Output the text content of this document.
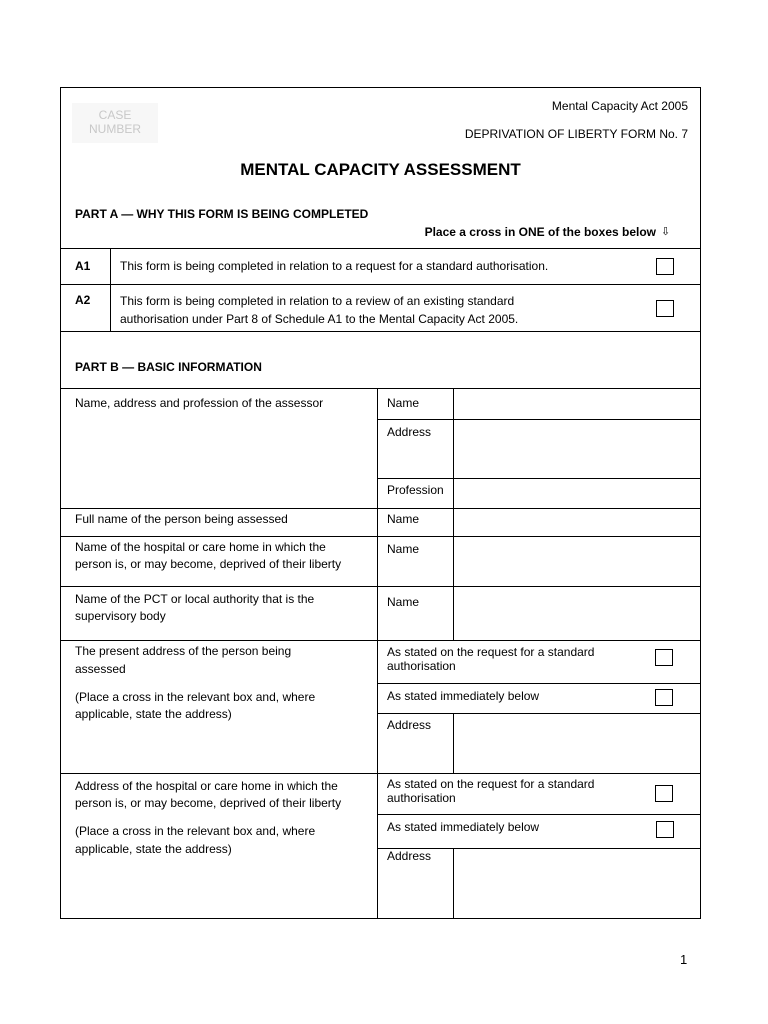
CASE
NUMBER
Mental Capacity Act 2005
DEPRIVATION OF LIBERTY FORM No. 7
MENTAL CAPACITY ASSESSMENT
PART A — WHY THIS FORM IS BEING COMPLETED
Place a cross in ONE of the boxes below ⇩
A1 This form is being completed in relation to a request for a standard authorisation.
A2 This form is being completed in relation to a review of an existing standard
authorisation under Part 8 of Schedule A1 to the Mental Capacity Act 2005.
PART B — BASIC INFORMATION
Name, address and profession of the assessor	Name
Address
Profession
Full name of the person being assessed	Name
Name of the hospital or care home in which the
person is, or may become, deprived of their liberty
Name
Name of the PCT or local authority that is the
supervisory body
Name
The present address of the person being
assessed
(Place a cross in the relevant box and, where
applicable, state the address)
As stated on the request for a standard
authorisation
As stated immediately below
Address
Address of the hospital or care home in which the
person is, or may become, deprived of their liberty
(Place a cross in the relevant box and, where
applicable, state the address)
As stated on the request for a standard
authorisation
As stated immediately below
Address
1
